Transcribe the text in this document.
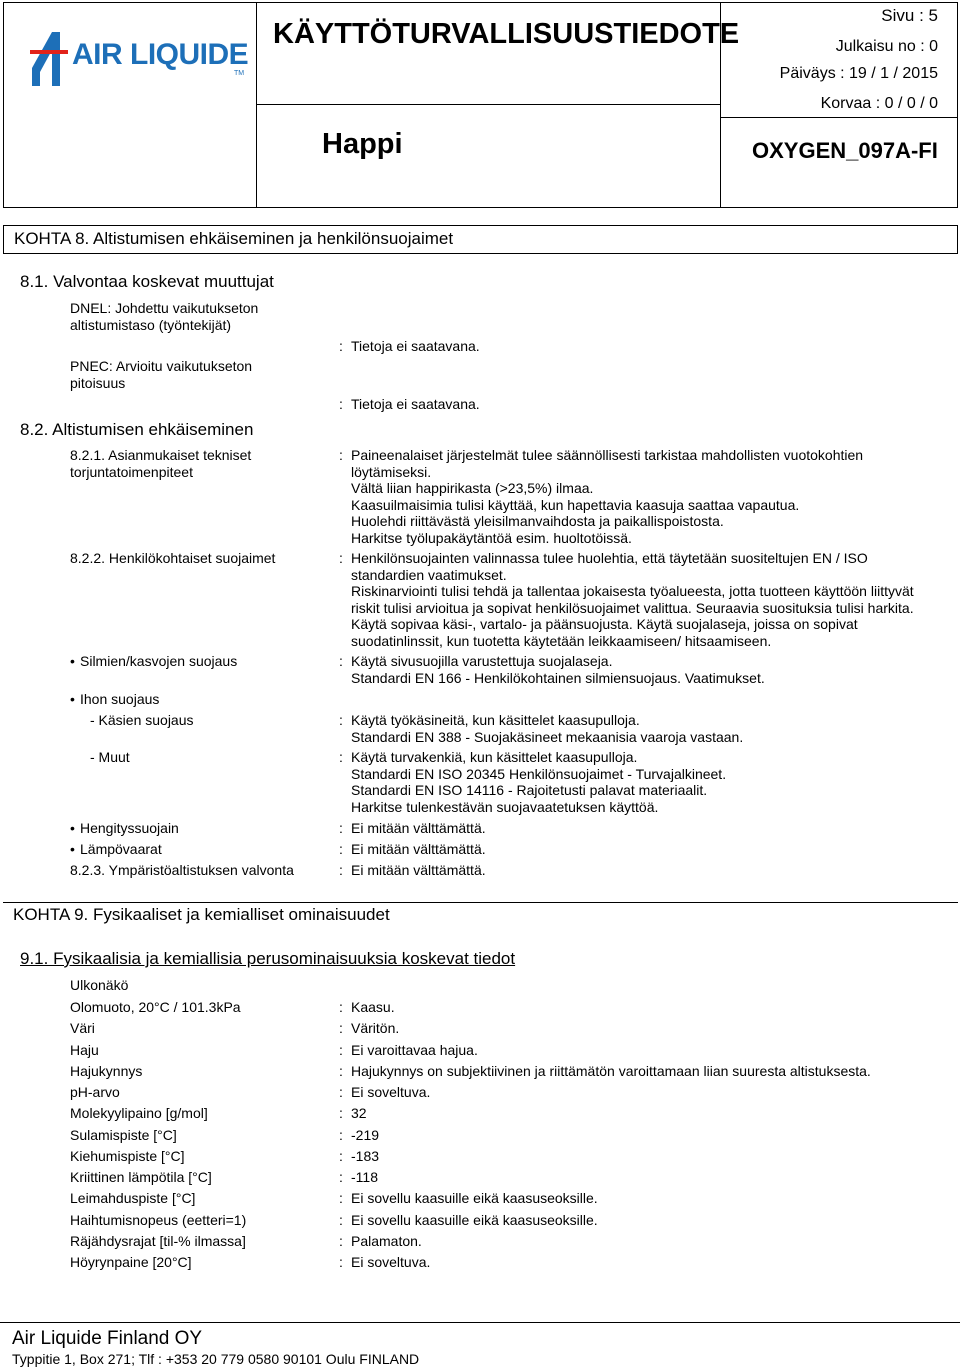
AIR LIQUIDE
TM
KÄYTTÖTURVALLISUUSTIEDOTE
Happi
Sivu : 5
Julkaisu no : 0
Päiväys : 19 / 1 / 2015
Korvaa : 0 / 0 / 0
OXYGEN_097A-FI
KOHTA 8. Altistumisen ehkäiseminen ja henkilönsuojaimet
8.1. Valvontaa koskevat muuttujat
DNEL: Johdettu vaikutukseton
altistumistaso (työntekijät)
: Tietoja ei saatavana.
PNEC: Arvioitu vaikutukseton
pitoisuus
: Tietoja ei saatavana.
8.2. Altistumisen ehkäiseminen
8.2.1. Asianmukaiset tekniset
torjuntatoimenpiteet
: Paineenalaiset järjestelmät tulee säännöllisesti tarkistaa mahdollisten vuotokohtien
löytämiseksi.
Vältä liian happirikasta (>23,5%) ilmaa.
Kaasuilmaisimia tulisi käyttää, kun hapettavia kaasuja saattaa vapautua.
Huolehdi riittävästä yleisilmanvaihdosta ja paikallispoistosta.
Harkitse työlupakäytäntöä esim. huoltotöissä.
8.2.2. Henkilökohtaiset suojaimet	: Henkilönsuojainten valinnassa tulee huolehtia, että täytetään suositeltujen EN / ISO
standardien vaatimukset.
Riskinarviointi tulisi tehdä ja tallentaa jokaisesta työalueesta, jotta tuotteen käyttöön liittyvät
riskit tulisi arvioitua ja sopivat henkilösuojaimet valittua. Seuraavia suosituksia tulisi harkita.
Käytä sopivaa käsi-, vartalo- ja päänsuojusta. Käytä suojalaseja, joissa on sopivat
suodatinlinssit, kun tuotetta käytetään leikkaamiseen/ hitsaamiseen.
• Silmien/kasvojen suojaus	: Käytä sivusuojilla varustettuja suojalaseja.
Standardi EN 166 - Henkilökohtainen silmiensuojaus. Vaatimukset.
• Ihon suojaus
- Käsien suojaus	: Käytä työkäsineitä, kun käsittelet kaasupulloja.
Standardi EN 388 - Suojakäsineet mekaanisia vaaroja vastaan.
- Muut	: Käytä turvakenkiä, kun käsittelet kaasupulloja.
Standardi EN ISO 20345 Henkilönsuojaimet - Turvajalkineet.
Standardi EN ISO 14116 - Rajoitetusti palavat materiaalit.
Harkitse tulenkestävän suojavaatetuksen käyttöä.
• Hengityssuojain	: Ei mitään välttämättä.
• Lämpövaarat	: Ei mitään välttämättä.
8.2.3. Ympäristöaltistuksen valvonta	: Ei mitään välttämättä.
KOHTA 9. Fysikaaliset ja kemialliset ominaisuudet
9.1. Fysikaalisia ja kemiallisia perusominaisuuksia koskevat tiedot
Ulkonäkö
Olomuoto, 20°C / 101.3kPa	: Kaasu.
Väri	: Väritön.
Haju	: Ei varoittavaa hajua.
Hajukynnys	: Hajukynnys on subjektiivinen ja riittämätön varoittamaan liian suuresta altistuksesta.
pH-arvo	: Ei soveltuva.
Molekyylipaino [g/mol]	: 32
Sulamispiste [°C]	: -219
Kiehumispiste [°C]	: -183
Kriittinen lämpötila [°C]	: -118
Leimahduspiste [°C]	: Ei sovellu kaasuille eikä kaasuseoksille.
Haihtumisnopeus (eetteri=1)	: Ei sovellu kaasuille eikä kaasuseoksille.
Räjähdysrajat [til-% ilmassa]	: Palamaton.
Höyrynpaine [20°C]	: Ei soveltuva.
Air Liquide Finland OY
Typpitie 1, Box 271; Tlf : +353 20 779 0580 90101 Oulu FINLAND
